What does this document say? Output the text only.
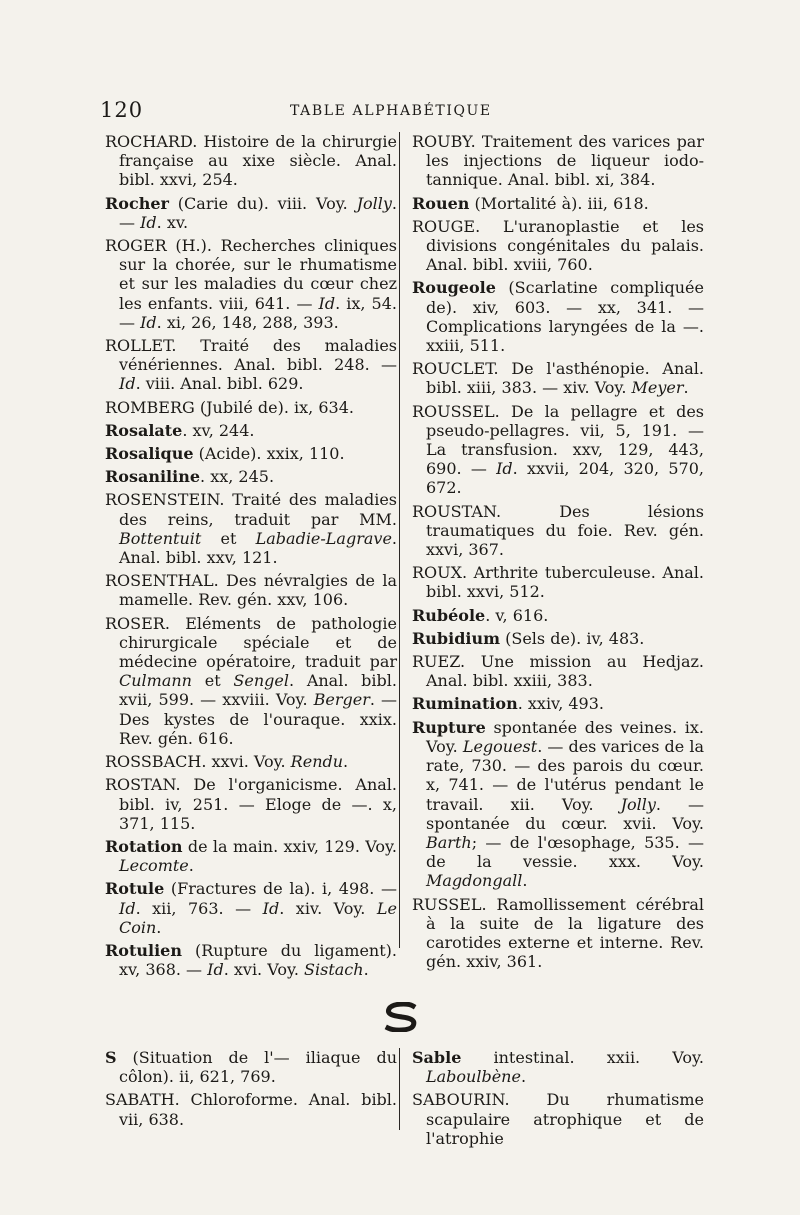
120	TABLE ALPHABÉTIQUE

ROCHARD. Histoire de la chirurgie française au xixe siècle. Anal. bibl. xxvi, 254.

Rocher (Carie du). viii. Voy. Jolly. — Id. xv.

ROGER (H.). Recherches cliniques sur la chorée, sur le rhumatisme et sur les maladies du cœur chez les enfants. viii, 641. — Id. ix, 54.— Id. xi, 26, 148, 288, 393.

ROLLET. Traité des maladies vénériennes. Anal. bibl. 248. — Id. viii. Anal. bibl. 629.

ROMBERG (Jubilé de). ix, 634.

Rosalate. xv, 244.

Rosalique (Acide). xxix, 110.

Rosaniline. xx, 245.

ROSENSTEIN. Traité des maladies des reins, traduit par MM. Bottentuit et Labadie-Lagrave. Anal. bibl. xxv, 121.

ROSENTHAL. Des névralgies de la mamelle. Rev. gén. xxv, 106.

ROSER. Eléments de pathologie chirurgicale spéciale et de médecine opératoire, traduit par Culmann et Sengel. Anal. bibl. xvii, 599. — xxviii. Voy. Berger. — Des kystes de l'ouraque. xxix. Rev. gén. 616.

ROSSBACH. xxvi. Voy. Rendu.

ROSTAN. De l'organicisme. Anal. bibl. iv, 251. — Eloge de —. x, 371, 115.

Rotation de la main. xxiv, 129. Voy. Lecomte.

Rotule (Fractures de la). i, 498. — Id. xii, 763. — Id. xiv. Voy. Le Coin.

Rotulien (Rupture du ligament). xv, 368. — Id. xvi. Voy. Sistach.

ROUBY. Traitement des varices par les injections de liqueur iodo-tannique. Anal. bibl. xi, 384.

Rouen (Mortalité à). iii, 618.

ROUGE. L'uranoplastie et les divisions congénitales du palais. Anal. bibl. xviii, 760.

Rougeole (Scarlatine compliquée de). xiv, 603. — xx, 341. — Complications laryngées de la —. xxiii, 511.

ROUCLET. De l'asthénopie. Anal. bibl. xiii, 383. — xiv. Voy. Meyer.

ROUSSEL. De la pellagre et des pseudo-pellagres. vii, 5, 191. — La transfusion. xxv, 129, 443, 690. — Id. xxvii, 204, 320, 570, 672.

ROUSTAN. Des lésions traumatiques du foie. Rev. gén. xxvi, 367.

ROUX. Arthrite tuberculeuse. Anal. bibl. xxvi, 512.

Rubéole. v, 616.

Rubidium (Sels de). iv, 483.

RUEZ. Une mission au Hedjaz. Anal. bibl. xxiii, 383.

Rumination. xxiv, 493.

Rupture spontanée des veines. ix. Voy. Legouest. — des varices de la rate, 730. — des parois du cœur. x, 741. — de l'utérus pendant le travail. xii. Voy. Jolly. — spontanée du cœur. xvii. Voy. Barth; — de l'œsophage, 535. — de la vessie. xxx. Voy. Magdongall.

RUSSEL. Ramollissement cérébral à la suite de la ligature des carotides externe et interne. Rev. gén. xxiv, 361.

S (Situation de l'— iliaque du côlon). ii, 621, 769.

SABATH. Chloroforme. Anal. bibl. vii, 638.

Sable intestinal. xxii. Voy. Laboulbène.

SABOURIN. Du rhumatisme scapulaire atrophique et de l'atrophie
